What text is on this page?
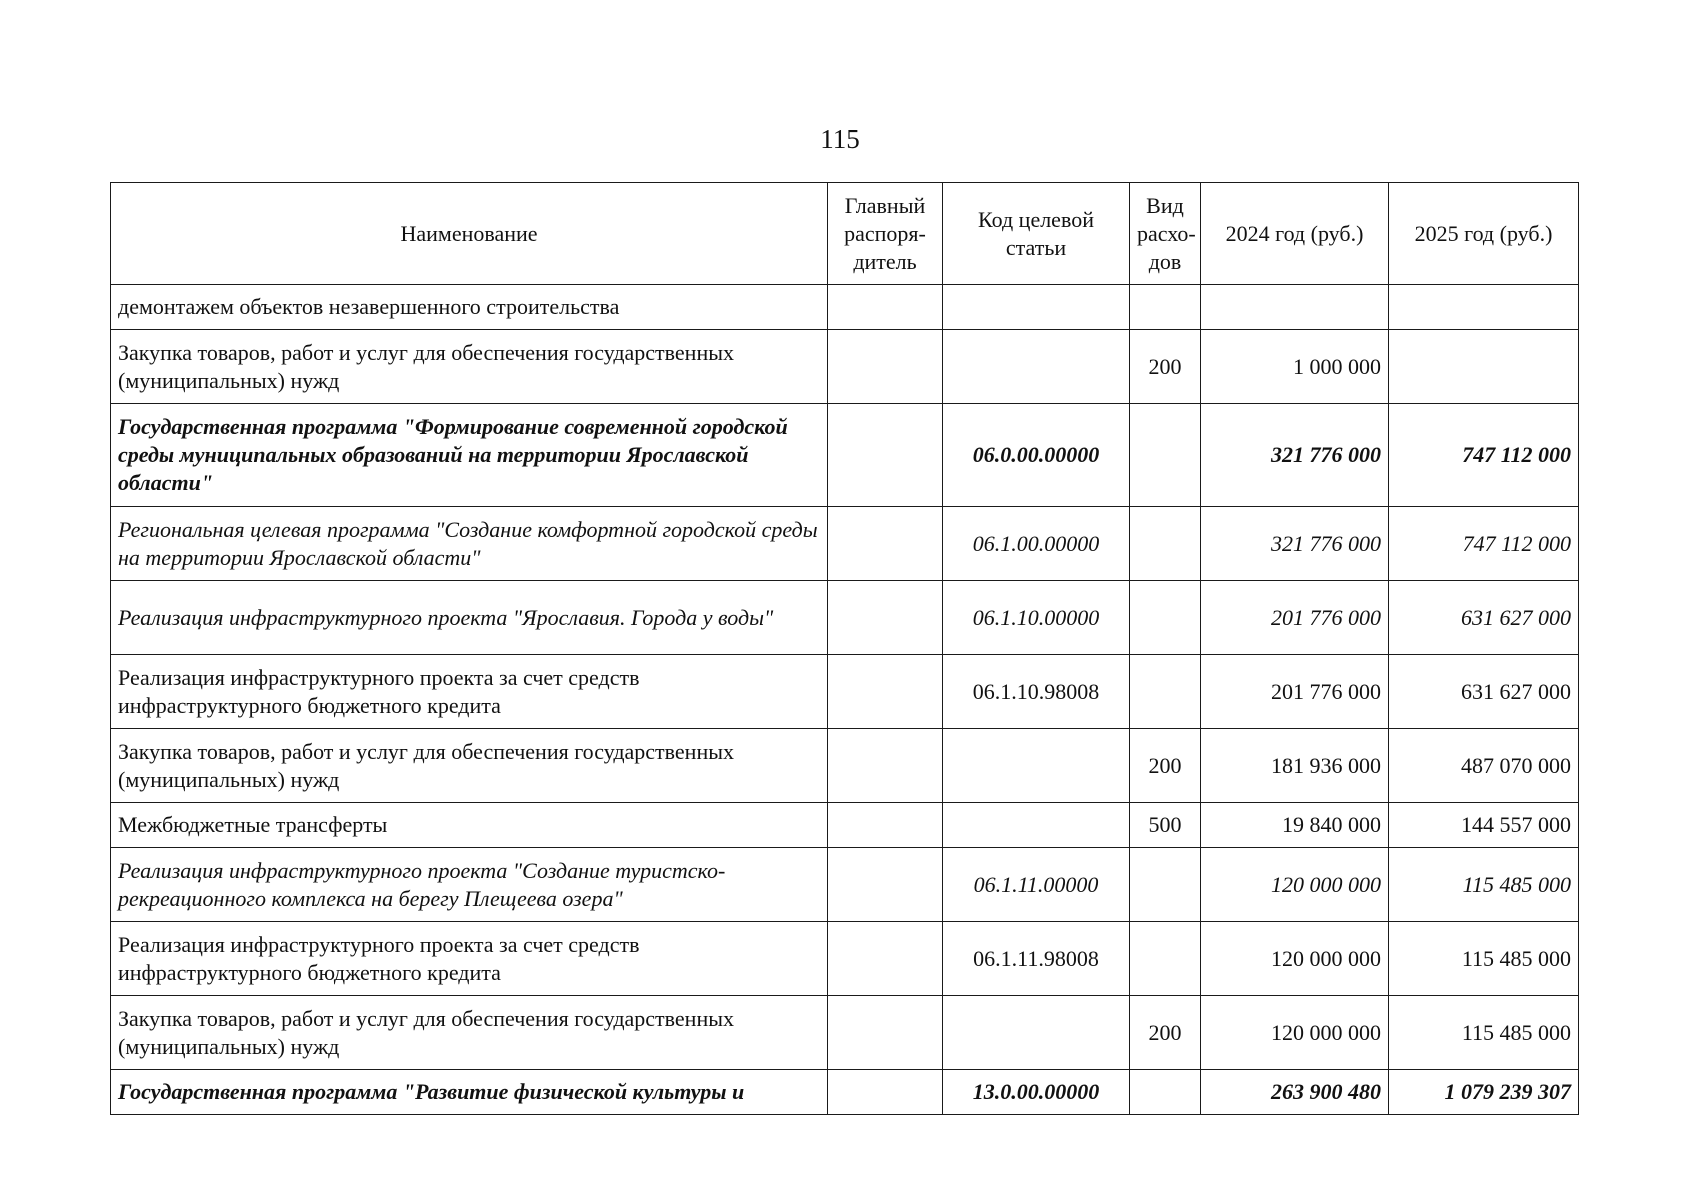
115
Наименование	Главный распоря-дитель	Код целевой статьи	Вид расхо-дов	2024 год (руб.)	2025 год (руб.)
демонтажем объектов незавершенного строительства					
Закупка товаров, работ и услуг для обеспечения государственных (муниципальных) нужд			200	1 000 000	
Государственная программа "Формирование современной городской среды муниципальных образований на территории Ярославской области"		06.0.00.00000		321 776 000	747 112 000
Региональная целевая программа "Создание комфортной городской среды на территории Ярославской области"		06.1.00.00000		321 776 000	747 112 000
Реализация инфраструктурного проекта "Ярославия. Города у воды"		06.1.10.00000		201 776 000	631 627 000
Реализация инфраструктурного проекта за счет средств инфраструктурного бюджетного кредита		06.1.10.98008		201 776 000	631 627 000
Закупка товаров, работ и услуг для обеспечения государственных (муниципальных) нужд			200	181 936 000	487 070 000
Межбюджетные трансферты			500	19 840 000	144 557 000
Реализация инфраструктурного проекта "Создание туристско-рекреационного комплекса на берегу Плещеева озера"		06.1.11.00000		120 000 000	115 485 000
Реализация инфраструктурного проекта за счет средств инфраструктурного бюджетного кредита		06.1.11.98008		120 000 000	115 485 000
Закупка товаров, работ и услуг для обеспечения государственных (муниципальных) нужд			200	120 000 000	115 485 000
Государственная программа "Развитие физической культуры и		13.0.00.00000		263 900 480	1 079 239 307
